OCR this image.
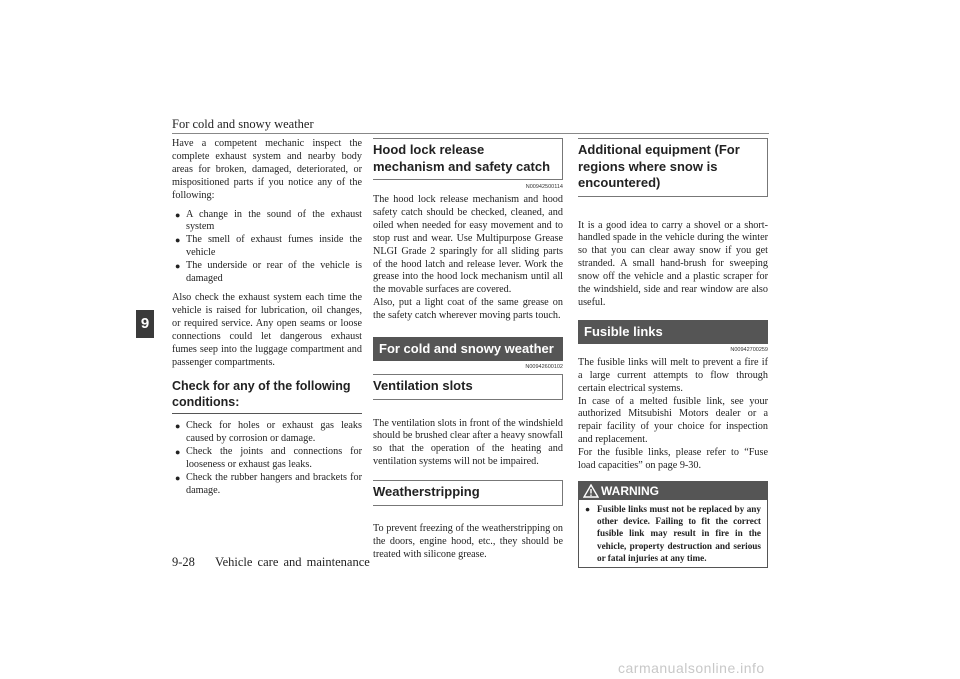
For cold and snowy weather
9

Have a competent mechanic inspect the complete exhaust system and nearby body areas for broken, damaged, deteriorated, or mispositioned parts if you notice any of the following:

● A change in the sound of the exhaust system
● The smell of exhaust fumes inside the vehicle
● The underside or rear of the vehicle is damaged

Also check the exhaust system each time the vehicle is raised for lubrication, oil changes, or required service. Any open seams or loose connections could let dangerous exhaust fumes seep into the luggage compartment and passenger compartments.

Check for any of the following conditions:
● Check for holes or exhaust gas leaks caused by corrosion or damage.
● Check the joints and connections for looseness or exhaust gas leaks.
● Check the rubber hangers and brackets for damage.
Hood lock release mechanism and safety catch
N00942500114

The hood lock release mechanism and hood safety catch should be checked, cleaned, and oiled when needed for easy movement and to stop rust and wear. Use Multipurpose Grease NLGI Grade 2 sparingly for all sliding parts of the hood latch and release lever. Work the grease into the hood lock mechanism until all the movable surfaces are covered.

Also, put a light coat of the same grease on the safety catch wherever moving parts touch.

For cold and snowy weather
N00942600102
Ventilation slots

The ventilation slots in front of the windshield should be brushed clear after a heavy snowfall so that the operation of the heating and ventilation systems will not be impaired.

Weatherstripping

To prevent freezing of the weatherstripping on the doors, engine hood, etc., they should be treated with silicone grease.

Additional equipment (For regions where snow is encountered)

It is a good idea to carry a shovel or a short-handled spade in the vehicle during the winter so that you can clear away snow if you get stranded. A small hand-brush for sweeping snow off the vehicle and a plastic scraper for the windshield, side and rear window are also useful.

Fusible links
N00942700259

The fusible links will melt to prevent a fire if a large current attempts to flow through certain electrical systems.

In case of a melted fusible link, see your authorized Mitsubishi Motors dealer or a repair facility of your choice for inspection and replacement.

For the fusible links, please refer to “Fuse load capacities” on page 9-30.

WARNING
● Fusible links must not be replaced by any other device. Failing to fit the correct fusible link may result in fire in the vehicle, property destruction and serious or fatal injuries at any time.
9-28 Vehicle care and maintenance
carmanualsonline.info
